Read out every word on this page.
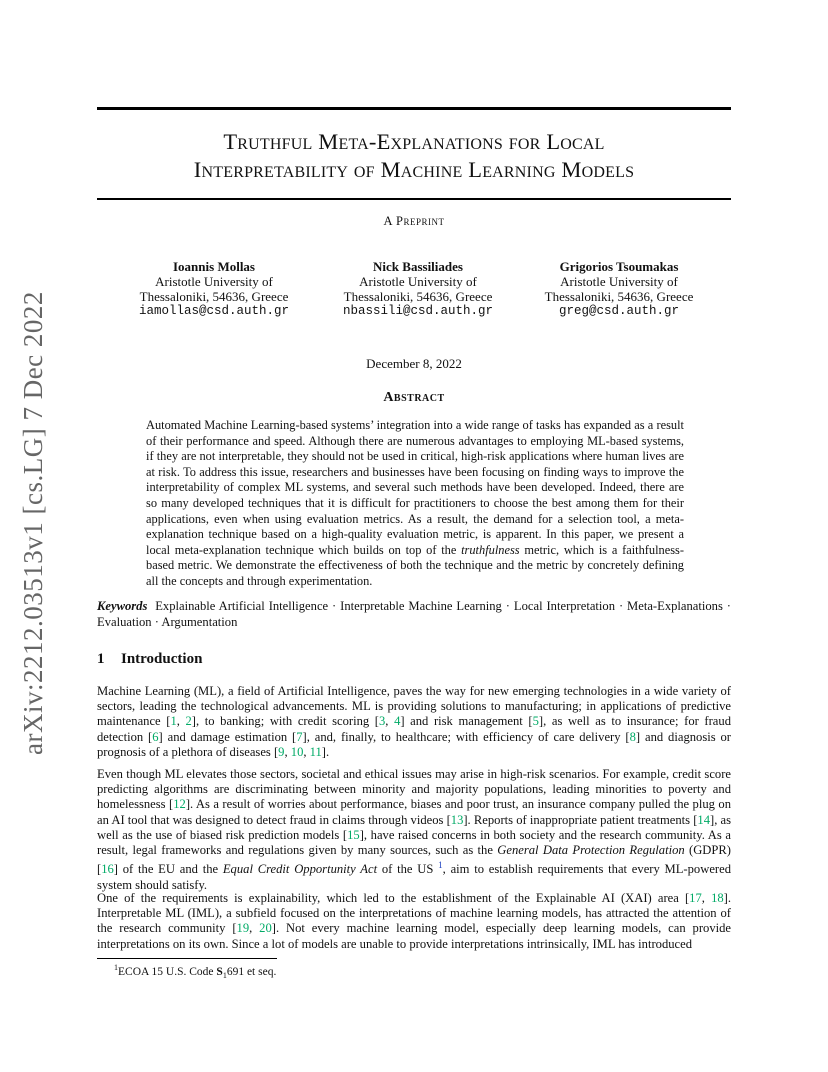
Truthful Meta-Explanations for Local
Interpretability of Machine Learning Models
A Preprint
Ioannis Mollas
Aristotle University of
Thessaloniki, 54636, Greece
iamollas@csd.auth.gr
Nick Bassiliades
Aristotle University of
Thessaloniki, 54636, Greece
nbassili@csd.auth.gr
Grigorios Tsoumakas
Aristotle University of
Thessaloniki, 54636, Greece
greg@csd.auth.gr
December 8, 2022
Abstract
Automated Machine Learning-based systems’ integration into a wide range of tasks has expanded as a result of their performance and speed. Although there are numerous advantages to employing ML-based systems, if they are not interpretable, they should not be used in critical, high-risk applications where human lives are at risk. To address this issue, researchers and businesses have been focusing on finding ways to improve the interpretability of complex ML systems, and several such methods have been developed. Indeed, there are so many developed techniques that it is difficult for practitioners to choose the best among them for their applications, even when using evaluation metrics. As a result, the demand for a selection tool, a meta-explanation technique based on a high-quality evaluation metric, is apparent. In this paper, we present a local meta-explanation technique which builds on top of the truthfulness metric, which is a faithfulness-based metric. We demonstrate the effectiveness of both the technique and the metric by concretely defining all the concepts and through experimentation.
Keywords Explainable Artificial Intelligence · Interpretable Machine Learning · Local Interpretation · Meta-Explanations · Evaluation · Argumentation
1 Introduction
Machine Learning (ML), a field of Artificial Intelligence, paves the way for new emerging technologies in a wide variety of sectors, leading the technological advancements. ML is providing solutions to manufacturing; in applications of predictive maintenance [1, 2], to banking; with credit scoring [3, 4] and risk management [5], as well as to insurance; for fraud detection [6] and damage estimation [7], and, finally, to healthcare; with efficiency of care delivery [8] and diagnosis or prognosis of a plethora of diseases [9, 10, 11].
Even though ML elevates those sectors, societal and ethical issues may arise in high-risk scenarios. For example, credit score predicting algorithms are discriminating between minority and majority populations, leading minorities to poverty and homelessness [12]. As a result of worries about performance, biases and poor trust, an insurance company pulled the plug on an AI tool that was designed to detect fraud in claims through videos [13]. Reports of inappropriate patient treatments [14], as well as the use of biased risk prediction models [15], have raised concerns in both society and the research community. As a result, legal frameworks and regulations given by many sources, such as the General Data Protection Regulation (GDPR) [16] of the EU and the Equal Credit Opportunity Act of the US $^1$, aim to establish requirements that every ML-powered system should satisfy.
One of the requirements is explainability, which led to the establishment of the Explainable AI (XAI) area [17, 18]. Interpretable ML (IML), a subfield focused on the interpretations of machine learning models, has attracted the attention of the research community [19, 20]. Not every machine learning model, especially deep learning models, can provide interpretations on its own. Since a lot of models are unable to provide interpretations intrinsically, IML has introduced
$^1$ECOA 15 U.S. Code $S_1691$ et seq.
arXiv:2212.03513v1 [cs.LG] 7 Dec 2022
